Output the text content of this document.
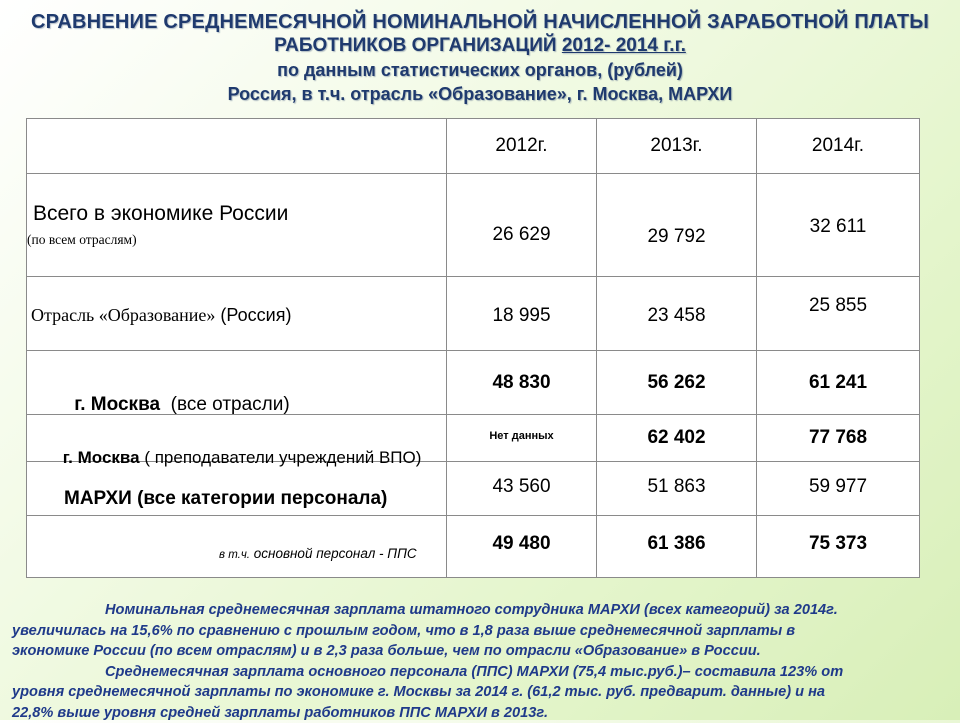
СРАВНЕНИЕ СРЕДНЕМЕСЯЧНОЙ НОМИНАЛЬНОЙ НАЧИСЛЕННОЙ ЗАРАБОТНОЙ ПЛАТЫ
РАБОТНИКОВ ОРГАНИЗАЦИЙ 2012- 2014 г.г.
по данным статистических органов, (рублей)
Россия, в т.ч. отрасль «Образование», г. Москва, МАРХИ
	2012г.	2013г.	2014г.

Всего в экономике России
(по всем отраслям)	26 629	29 792	32 611

Отрасль «Образование» (Россия)	18 995	23 458	25 855

г. Москва  (все отрасли)	48 830	56 262	61 241

г. Москва ( преподаватели учреждений ВПО)	$^{Нет данных}$	62 402	77 768

МАРХИ (все категории персонала)	43 560	51 863	59 977

в т.ч. основной персонал - ППС	49 480	61 386	75 373

Номинальная среднемесячная зарплата штатного сотрудника МАРХИ (всех категорий) за 2014г.

увеличилась на 15,6% по сравнению с прошлым годом, что в 1,8 раза выше среднемесячной зарплаты в

экономике России (по всем отраслям) и в 2,3 раза больше, чем по отрасли «Образование» в России.

Среднемесячная зарплата основного персонала (ППС) МАРХИ (75,4 тыс.руб.)– составила 123% от

уровня среднемесячной зарплаты по экономике г. Москвы за 2014 г. (61,2 тыс. руб. предварит. данные) и на

22,8% выше уровня средней зарплаты работников ППС МАРХИ в 2013г.
